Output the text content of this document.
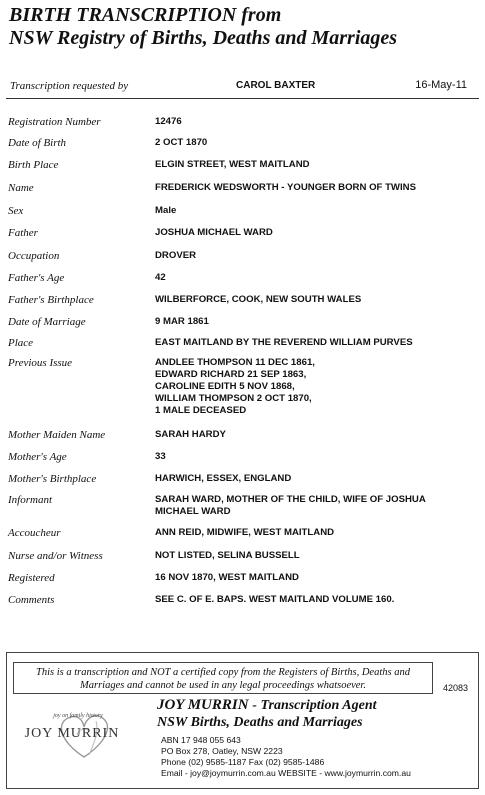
BIRTH TRANSCRIPTION from
NSW Registry of Births, Deaths and Marriages
Transcription requested by	CAROL BAXTER	16-May-11
Registration Number	12476
Date of Birth	2 OCT 1870
Birth Place	ELGIN STREET, WEST MAITLAND
Name	FREDERICK WEDSWORTH - YOUNGER BORN OF TWINS
Sex	Male
Father	JOSHUA MICHAEL WARD
Occupation	DROVER
Father's Age	42
Father's Birthplace	WILBERFORCE, COOK, NEW SOUTH WALES
Date of Marriage	9 MAR 1861
Place	EAST MAITLAND BY THE REVEREND WILLIAM PURVES
Previous Issue	ANDLEE THOMPSON 11 DEC 1861,
EDWARD RICHARD 21 SEP 1863,
CAROLINE EDITH 5 NOV 1868,
WILLIAM THOMPSON 2 OCT 1870,
1 MALE DECEASED
Mother Maiden Name	SARAH HARDY
Mother's Age	33
Mother's Birthplace	HARWICH, ESSEX, ENGLAND
Informant	SARAH WARD, MOTHER OF THE CHILD, WIFE OF JOSHUA
MICHAEL WARD
Accoucheur	ANN REID, MIDWIFE, WEST MAITLAND
Nurse and/or Witness	NOT LISTED, SELINA BUSSELL
Registered	16 NOV 1870, WEST MAITLAND
Comments	SEE C. OF E. BAPS. WEST MAITLAND VOLUME 160.
This is a transcription and NOT a certified copy from the Registers of Births, Deaths and Marriages and cannot be used in any legal proceedings whatsoever.	42083
joy on family history
JOY MURRIN
JOY MURRIN - Transcription Agent
NSW Births, Deaths and Marriages
ABN 17 948 055 643
PO Box 278, Oatley, NSW 2223
Phone (02) 9585-1187 Fax (02) 9585-1486
Email - joy@joymurrin.com.au WEBSITE - www.joymurrin.com.au
